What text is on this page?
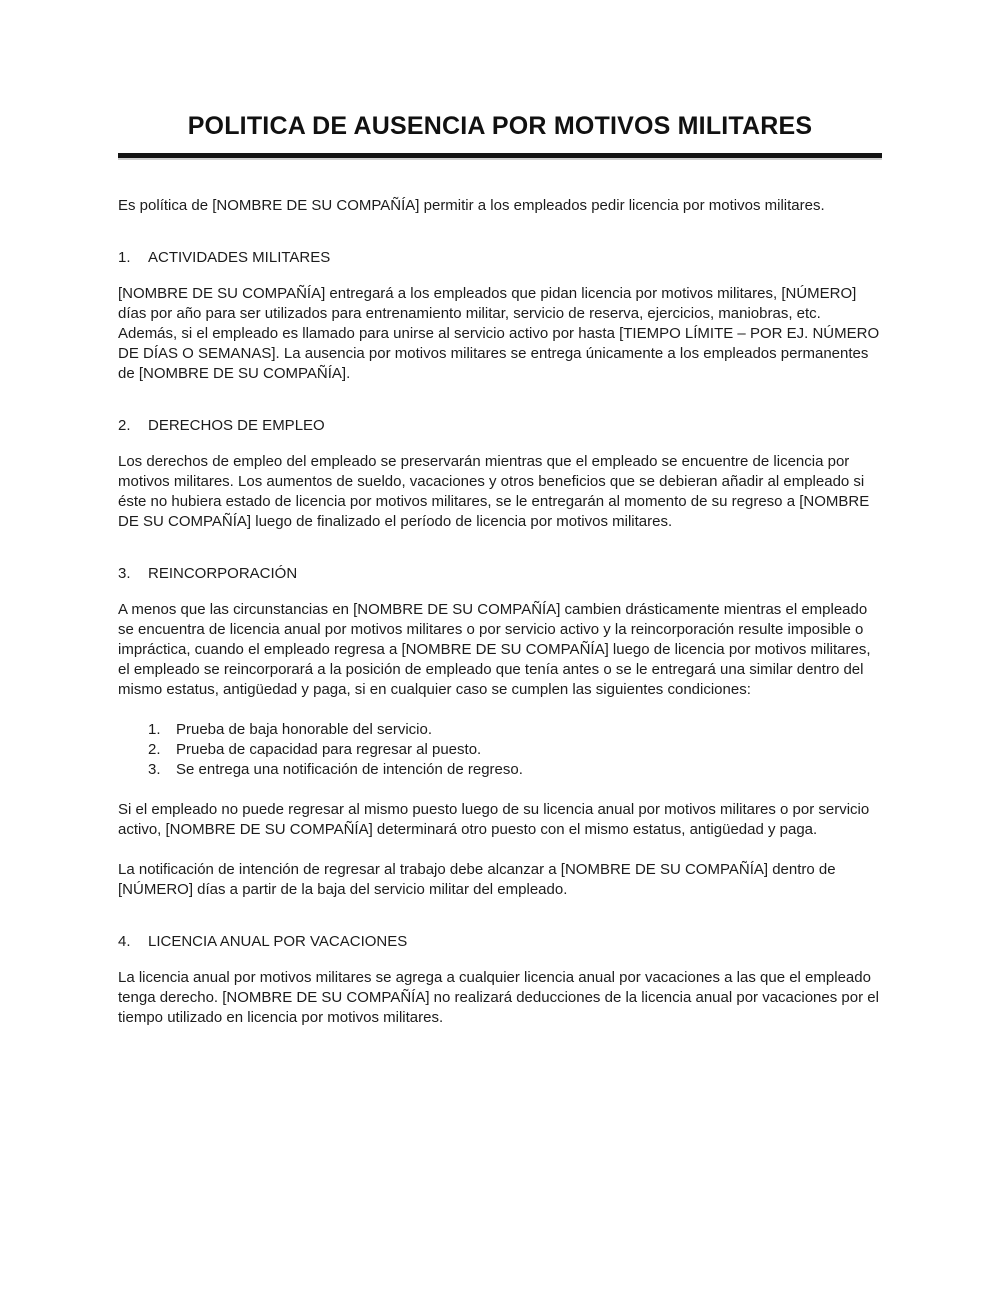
POLITICA DE AUSENCIA POR MOTIVOS MILITARES

Es política de [NOMBRE DE SU COMPAÑÍA] permitir a los empleados pedir licencia por motivos militares.

1.	ACTIVIDADES MILITARES

[NOMBRE DE SU COMPAÑÍA] entregará a los empleados que pidan licencia por motivos militares, [NÚMERO] días por año para ser utilizados para entrenamiento militar, servicio de reserva, ejercicios, maniobras, etc. Además, si el empleado es llamado para unirse al servicio activo por hasta [TIEMPO LÍMITE – POR EJ. NÚMERO DE DÍAS O SEMANAS]. La ausencia por motivos militares se entrega únicamente a los empleados permanentes de [NOMBRE DE SU COMPAÑÍA].

2.	DERECHOS DE EMPLEO

Los derechos de empleo del empleado se preservarán mientras que el empleado se encuentre de licencia por motivos militares. Los aumentos de sueldo, vacaciones y otros beneficios que se debieran añadir al empleado si éste no hubiera estado de licencia por motivos militares, se le entregarán al momento de su regreso a [NOMBRE DE SU COMPAÑÍA] luego de finalizado el período de licencia por motivos militares.

3.	REINCORPORACIÓN

A menos que las circunstancias en [NOMBRE DE SU COMPAÑÍA] cambien drásticamente mientras el empleado se encuentra de licencia anual por motivos militares o por servicio activo y la reincorporación resulte imposible o impráctica, cuando el empleado regresa a [NOMBRE DE SU COMPAÑÍA] luego de licencia por motivos militares, el empleado se reincorporará a la posición de empleado que tenía antes o se le entregará una similar dentro del mismo estatus, antigüedad y paga, si en cualquier caso se cumplen las siguientes condiciones:

1.	Prueba de baja honorable del servicio.
2.	Prueba de capacidad para regresar al puesto.
3.	Se entrega una notificación de intención de regreso.

Si el empleado no puede regresar al mismo puesto luego de su licencia anual por motivos militares o por servicio activo, [NOMBRE DE SU COMPAÑÍA] determinará otro puesto con el mismo estatus, antigüedad y paga.

La notificación de intención de regresar al trabajo debe alcanzar a [NOMBRE DE SU COMPAÑÍA] dentro de [NÚMERO] días a partir de la baja del servicio militar del empleado.

4.	LICENCIA ANUAL POR VACACIONES

La licencia anual por motivos militares se agrega a cualquier licencia anual por vacaciones a las que el empleado tenga derecho. [NOMBRE DE SU COMPAÑÍA] no realizará deducciones de la licencia anual por vacaciones por el tiempo utilizado en licencia por motivos militares.
